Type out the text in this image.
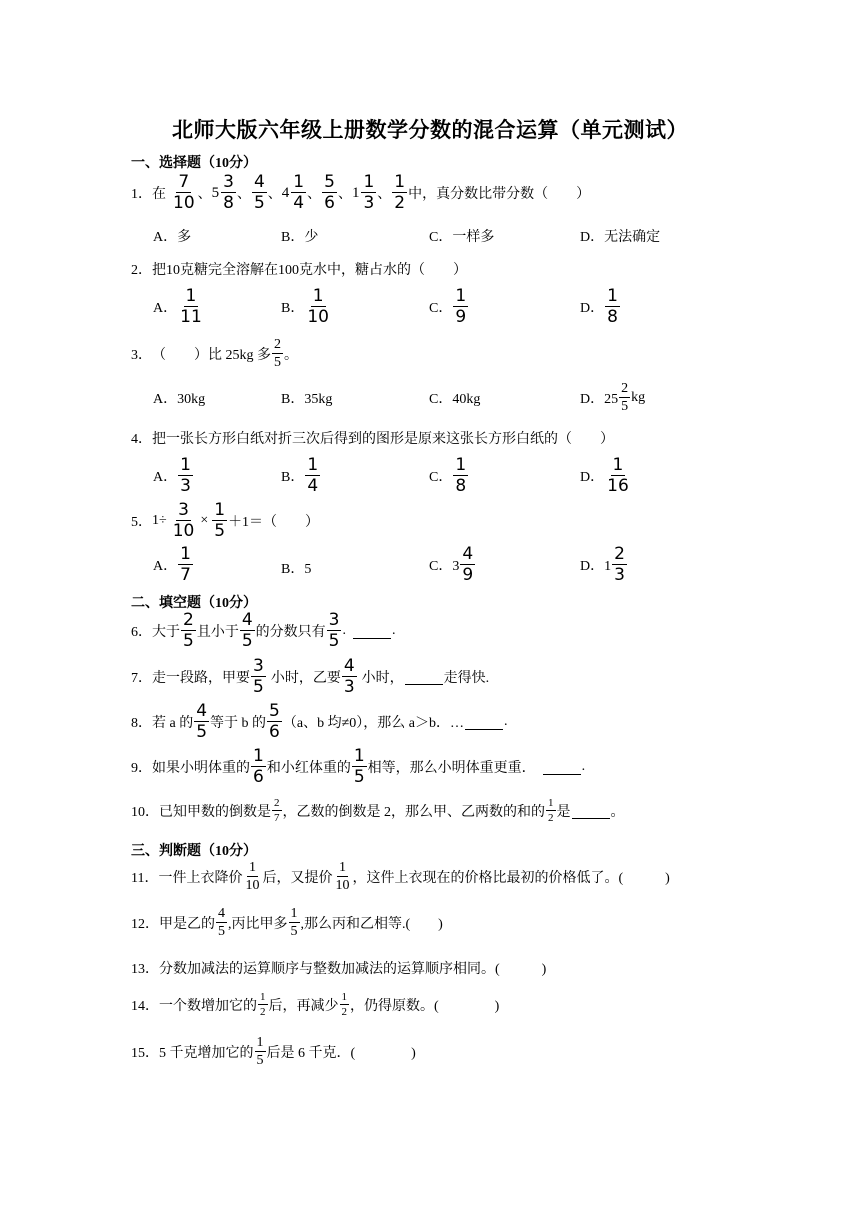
北师大版六年级上册数学分数的混合运算（单元测试）
一、选择题（10分）
1． 在
7
10 、 5
3
8 、
4
5 、 4
1
4 、
5
6 、 1
1
3 、
1
2 中，真分数比带分数（　　）
A．多	B．少	C．一样多	D．无法确定
2． 把10克糖完全溶解在100克水中，糖占水的（　　）
A．
1
11	B．
1
10	C．
1
9	D．
1
8
3． （　　）比 25kg 多
2
5 。
A．30kg	B．35kg	C．40kg	D．25
2
5
kg
4． 把一张长方形白纸对折三次后得到的图形是原来这张长方形白纸的（　　）
A．
1
3	B．
1
4	C．
1
8	D．
1
16
5． $1\div \frac{3}{10} \times \frac{1}{5} +1=$（　　）
A．
1
7	B．5	C．3
4
9	D．1
2
3
二、填空题（10分）
6． 大于
2
5 且小于
4
5 的分数只有
3
5
.	.
7． 走一段路，甲要
3
5 小时，乙要
4
3 小时，	走得快.
8． 若 a 的
4
5 等于 b 的
5
6 （a、b 均≠0），那么 a＞b．…	.
9． 如果小明体重的
1
6 和小红体重的
1
5 相等，那么小明体重更重．	.
10． 已知甲数的倒数是
2
7 ，乙数的倒数是 2，那么甲、乙两数的和的
1
2 是	。
三、判断题（10分）
11． 一件上衣降价
1
10 后，又提价
1
10 ，这件上衣现在的价格比最初的价格低了。(　　　)
12． 甲是乙的
4
5 ,丙比甲多
1
5 ,那么丙和乙相等.(　　)
13． 分数加减法的运算顺序与整数加减法的运算顺序相同。(　　　)
14． 一个数增加它的
1
2 后，再减少
1
2 ，仍得原数。(　　　　)
15． 5 千克增加它的
1
5 后是 6 千克．(　　　　)
